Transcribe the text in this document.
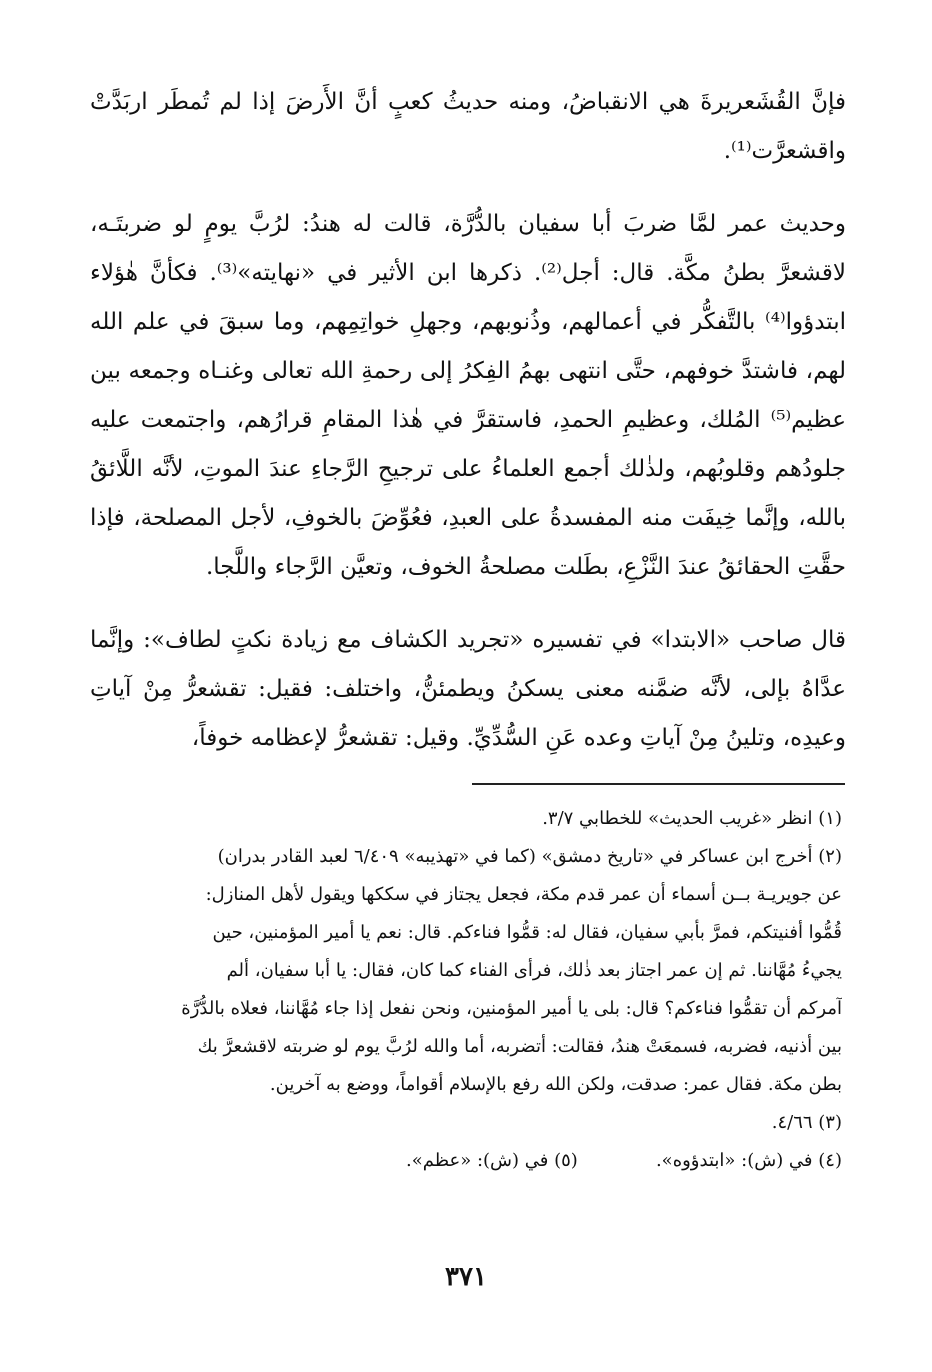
فإنَّ القُشَعريرةَ هي الانقباضُ، ومنه حديثُ كعبٍ أنَّ الأَرضَ إذا لم تُمطَر اربَدَّتْ واقشعرَّت⁽¹⁾.

وحديث عمر لمَّا ضربَ أبا سفيان بالدُّرَّة، قالت له هندُ: لرُبَّ يومٍ لو ضربتَـه، لاقشعرَّ بطنُ مكَّة. قال: أجل⁽²⁾. ذكرها ابن الأثير في «نهايته»⁽³⁾. فكأنَّ هٰؤلاء ابتدؤوا⁽⁴⁾ بالتَّفكُّر في أعمالهم، وذُنوبهم، وجهلِ خواتِمِهم، وما سبقَ في علم الله لهم، فاشتدَّ خوفهم، حتَّى انتهى بهمُ الفِكرُ إلى رحمةِ الله تعالى وغنـاه وجمعه بين عظيم⁽⁵⁾ المُلك، وعظيمِ الحمدِ، فاستقرَّ في هٰذا المقامِ قرارُهم، واجتمعت عليه جلودُهم وقلوبُهم، ولذٰلك أجمع العلماءُ على ترجيحِ الرَّجاءِ عندَ الموتِ، لأنَّه اللَّائقُ بالله، وإنَّما خِيفَت منه المفسدةُ على العبدِ، فعُوِّضَ بالخوفِ، لأجل المصلحة، فإذا حقَّتِ الحقائقُ عندَ النَّزْعِ، بطَلت مصلحةُ الخوف، وتعيَّن الرَّجاء واللَّجا.

قال صاحب «الابتدا» في تفسيره «تجريد الكشاف مع زيادة نكتٍ لطاف»: وإنَّما عدَّاهُ بإلى، لأنَّه ضمَّنه معنى يسكنُ ويطمئنُّ، واختلف: فقيل: تقشعرُّ مِنْ آياتِ وعيدِه، وتلينُ مِنْ آياتِ وعده عَنِ السُّدِّيِّ. وقيل: تقشعرُّ لإعظامه خوفاً،

(١) انظر «غريب الحديث» للخطابي ٣/٧.
(٢) أخرج ابن عساكر في «تاريخ دمشق» (كما في «تهذيبه» ٦/٤٠٩ لعبد القادر بدران)
عن جويريـة بــن أسماء أن عمر قدم مكة، فجعل يجتاز في سككها ويقول لأهل المنازل:
قُمُّوا أفنيتكم، فمرَّ بأبي سفيان، فقال له: قمُّوا فناءكم. قال: نعم يا أمير المؤمنين، حين
يجيءُ مُهَّاننا. ثم إن عمر اجتاز بعد ذٰلك، فرأى الفناء كما كان، فقال: يا أبا سفيان، ألم
آمركم أن تقمُّوا فناءكم؟ قال: بلى يا أمير المؤمنين، ونحن نفعل إذا جاء مُهَّاننا، فعلاه بالدُّرَّة
بين أذنيه، فضربه، فسمعَتْ هندُ، فقالت: أتضربه، أما والله لرُبَّ يوم لو ضربته لاقشعرَّ بك
بطن مكة. فقال عمر: صدقت، ولكن الله رفع بالإسلام أقواماً، ووضع به آخرين.
(٣) ٤/٦٦.
(٤) في (ش): «ابتدؤوه».
(٥) في (ش): «عظم».
٣٧١
